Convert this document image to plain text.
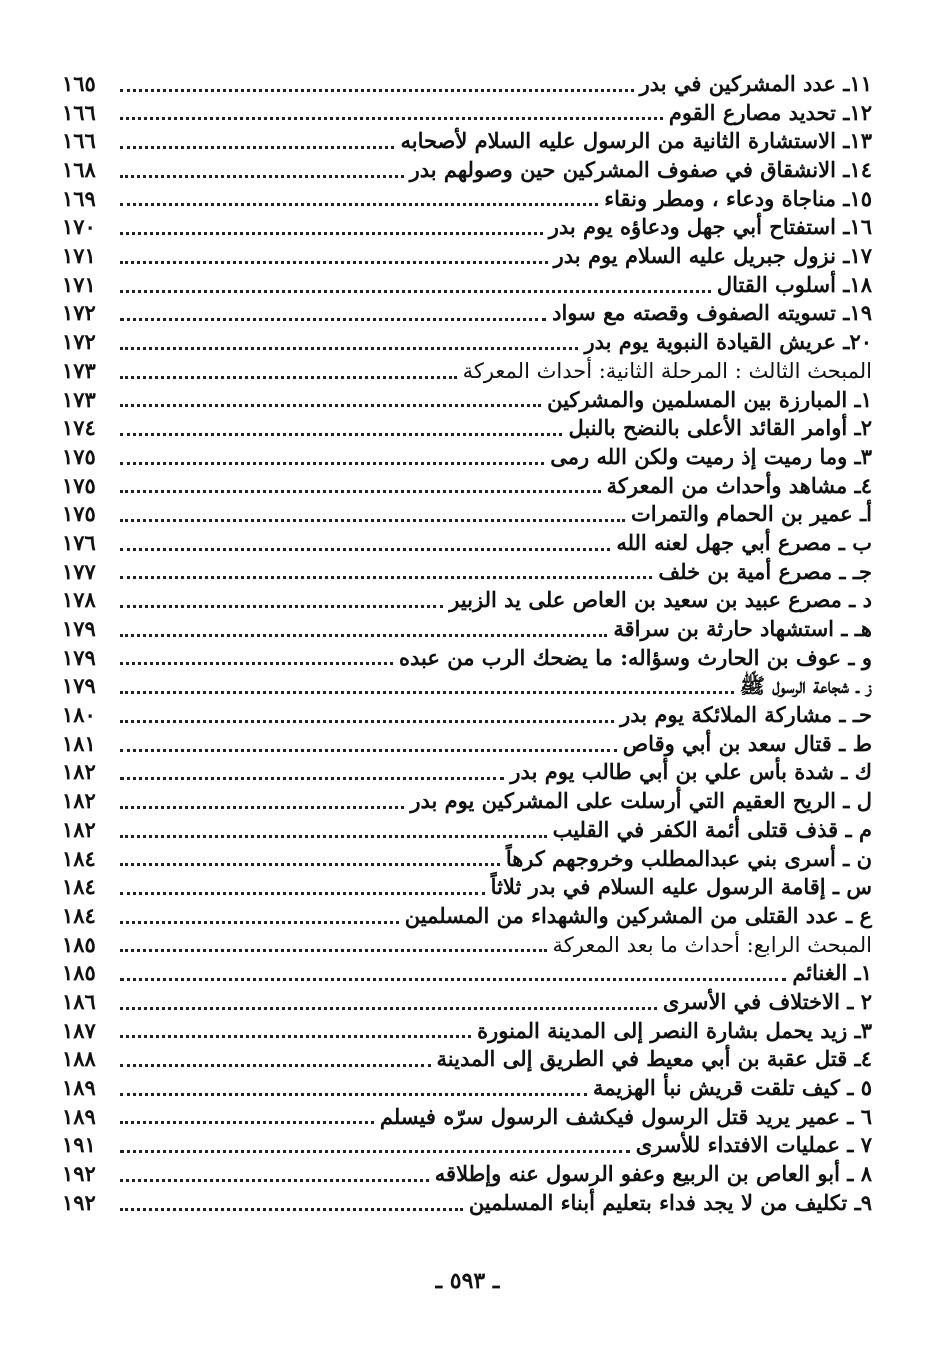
١١ـ عدد المشركين في بدر
١٦٥
١٢ـ تحديد مصارع القوم
١٦٦
١٣ـ الاستشارة الثانية من الرسول عليه السلام لأصحابه
١٦٦
١٤ـ الانشقاق في صفوف المشركين حين وصولهم بدر
١٦٨
١٥ـ مناجاة ودعاء ، ومطر ونقاء
١٦٩
١٦ـ استفتاح أبي جهل ودعاؤه يوم بدر
١٧٠
١٧ـ نزول جبريل عليه السلام يوم بدر
١٧١
١٨ـ أسلوب القتال
١٧١
١٩ـ تسويته الصفوف وقصته مع سواد
١٧٢
٢٠ـ عريش القيادة النبوية يوم بدر
١٧٢
المبحث الثالث : المرحلة الثانية: أحداث المعركة
١٧٣
١ـ المبارزة بين المسلمين والمشركين
١٧٣
٢ـ أوامر القائد الأعلى بالنضح بالنبل
١٧٤
٣ـ وما رميت إذ رميت ولكن الله رمى
١٧٥
٤ـ مشاهد وأحداث من المعركة
١٧٥
أـ عمير بن الحمام والتمرات
١٧٥
ب ـ مصرع أبي جهل لعنه الله
١٧٦
جـ ـ مصرع أمية بن خلف
١٧٧
د ـ مصرع عبيد بن سعيد بن العاص على يد الزبير
١٧٨
هـ ـ استشهاد حارثة بن سراقة
١٧٩
و ـ عوف بن الحارث وسؤاله: ما يضحك الرب من عبده
١٧٩
ز ـ شجاعة الرسول ﷺ
١٧٩
حـ ـ مشاركة الملائكة يوم بدر
١٨٠
ط ـ قتال سعد بن أبي وقاص
١٨١
ك ـ شدة بأس علي بن أبي طالب يوم بدر
١٨٢
ل ـ الريح العقيم التي أرسلت على المشركين يوم بدر
١٨٢
م ـ قذف قتلى أئمة الكفر في القليب
١٨٢
ن ـ أسرى بني عبدالمطلب وخروجهم كرهاً
١٨٤
س ـ إقامة الرسول عليه السلام في بدر ثلاثاً
١٨٤
ع ـ عدد القتلى من المشركين والشهداء من المسلمين
١٨٤
المبحث الرابع: أحداث ما بعد المعركة
١٨٥
١ـ الغنائم
١٨٥
٢ ـ الاختلاف في الأسرى
١٨٦
٣ـ زيد يحمل بشارة النصر إلى المدينة المنورة
١٨٧
٤ـ قتل عقبة بن أبي معيط في الطريق إلى المدينة
١٨٨
٥ ـ كيف تلقت قريش نبأ الهزيمة
١٨٩
٦ ـ عمير يريد قتل الرسول فيكشف الرسول سرّه فيسلم
١٨٩
٧ ـ عمليات الافتداء للأسرى
١٩١
٨ ـ أبو العاص بن الربيع وعفو الرسول عنه وإطلاقه
١٩٢
٩ـ تكليف من لا يجد فداء بتعليم أبناء المسلمين
١٩٢
ـ ٥٩٣ ـ
